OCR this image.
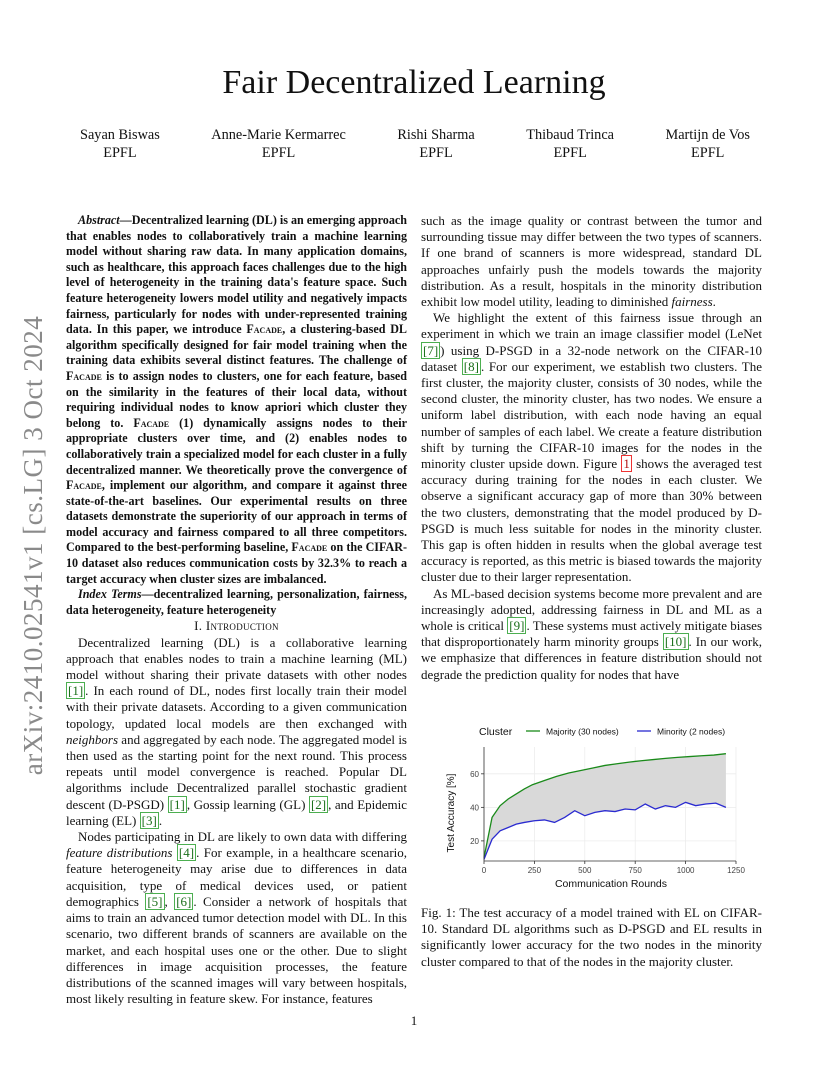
arXiv:2410.02541v1 [cs.LG] 3 Oct 2024
Fair Decentralized Learning
Sayan Biswas
EPFL
Anne-Marie Kermarrec
EPFL
Rishi Sharma
EPFL
Thibaud Trinca
EPFL
Martijn de Vos
EPFL

Abstract—Decentralized learning (DL) is an emerging approach that enables nodes to collaboratively train a machine learning model without sharing raw data. In many application domains, such as healthcare, this approach faces challenges due to the high level of heterogeneity in the training data's feature space. Such feature heterogeneity lowers model utility and negatively impacts fairness, particularly for nodes with under-represented training data. In this paper, we introduce Facade, a clustering-based DL algorithm specifically designed for fair model training when the training data exhibits several distinct features. The challenge of Facade is to assign nodes to clusters, one for each feature, based on the similarity in the features of their local data, without requiring individual nodes to know apriori which cluster they belong to. Facade (1) dynamically assigns nodes to their appropriate clusters over time, and (2) enables nodes to collaboratively train a specialized model for each cluster in a fully decentralized manner. We theoretically prove the convergence of Facade, implement our algorithm, and compare it against three state-of-the-art baselines. Our experimental results on three datasets demonstrate the superiority of our approach in terms of model accuracy and fairness compared to all three competitors. Compared to the best-performing baseline, Facade on the CIFAR-10 dataset also reduces communication costs by 32.3% to reach a target accuracy when cluster sizes are imbalanced.

Index Terms—decentralized learning, personalization, fairness, data heterogeneity, feature heterogeneity

I. Introduction

Decentralized learning (DL) is a collaborative learning approach that enables nodes to train a machine learning (ML) model without sharing their private datasets with other nodes [1] . In each round of DL, nodes first locally train their model with their private datasets. According to a given communication topology, updated local models are then exchanged with neighbors and aggregated by each node. The aggregated model is then used as the starting point for the next round. This process repeats until model convergence is reached. Popular DL algorithms include Decentralized parallel stochastic gradient descent (D-PSGD) [1] , Gossip learning (GL) [2] , and Epidemic learning (EL) [3] .

Nodes participating in DL are likely to own data with differing feature distributions [4] . For example, in a healthcare scenario, feature heterogeneity may arise due to differences in data acquisition, type of medical devices used, or patient demographics [5] , [6] . Consider a network of hospitals that aims to train an advanced tumor detection model with DL. In this scenario, two different brands of scanners are available on the market, and each hospital uses one or the other. Due to slight differences in image acquisition processes, the feature distributions of the scanned images will vary between hospitals, most likely resulting in feature skew. For instance, features

such as the image quality or contrast between the tumor and surrounding tissue may differ between the two types of scanners. If one brand of scanners is more widespread, standard DL approaches unfairly push the models towards the majority distribution. As a result, hospitals in the minority distribution exhibit low model utility, leading to diminished fairness.

We highlight the extent of this fairness issue through an experiment in which we train an image classifier model (LeNet [7] ) using D-PSGD in a 32-node network on the CIFAR-10 dataset [8] . For our experiment, we establish two clusters. The first cluster, the majority cluster, consists of 30 nodes, while the second cluster, the minority cluster, has two nodes. We ensure a uniform label distribution, with each node having an equal number of samples of each label. We create a feature distribution shift by turning the CIFAR-10 images for the nodes in the minority cluster upside down. Figure 1 shows the averaged test accuracy during training for the nodes in each cluster. We observe a significant accuracy gap of more than 30% between the two clusters, demonstrating that the model produced by D-PSGD is much less suitable for nodes in the minority cluster. This gap is often hidden in results when the global average test accuracy is reported, as this metric is biased towards the majority cluster due to their larger representation.

As ML-based decision systems become more prevalent and are increasingly adopted, addressing fairness in DL and ML as a whole is critical [9] . These systems must actively mitigate biases that disproportionately harm minority groups [10] . In our work, we emphasize that differences in feature distribution should not degrade the prediction quality for nodes that have

Cluster	Majority (30 nodes)	Minority (2 nodes)
20
40
60
0	250	500	750	1000	1250
Test Accuracy [%]
Communication Rounds
Fig. 1: The test accuracy of a model trained with EL on CIFAR-10. Standard DL algorithms such as D-PSGD and EL results in significantly lower accuracy for the two nodes in the minority cluster compared to that of the nodes in the majority cluster.
1
